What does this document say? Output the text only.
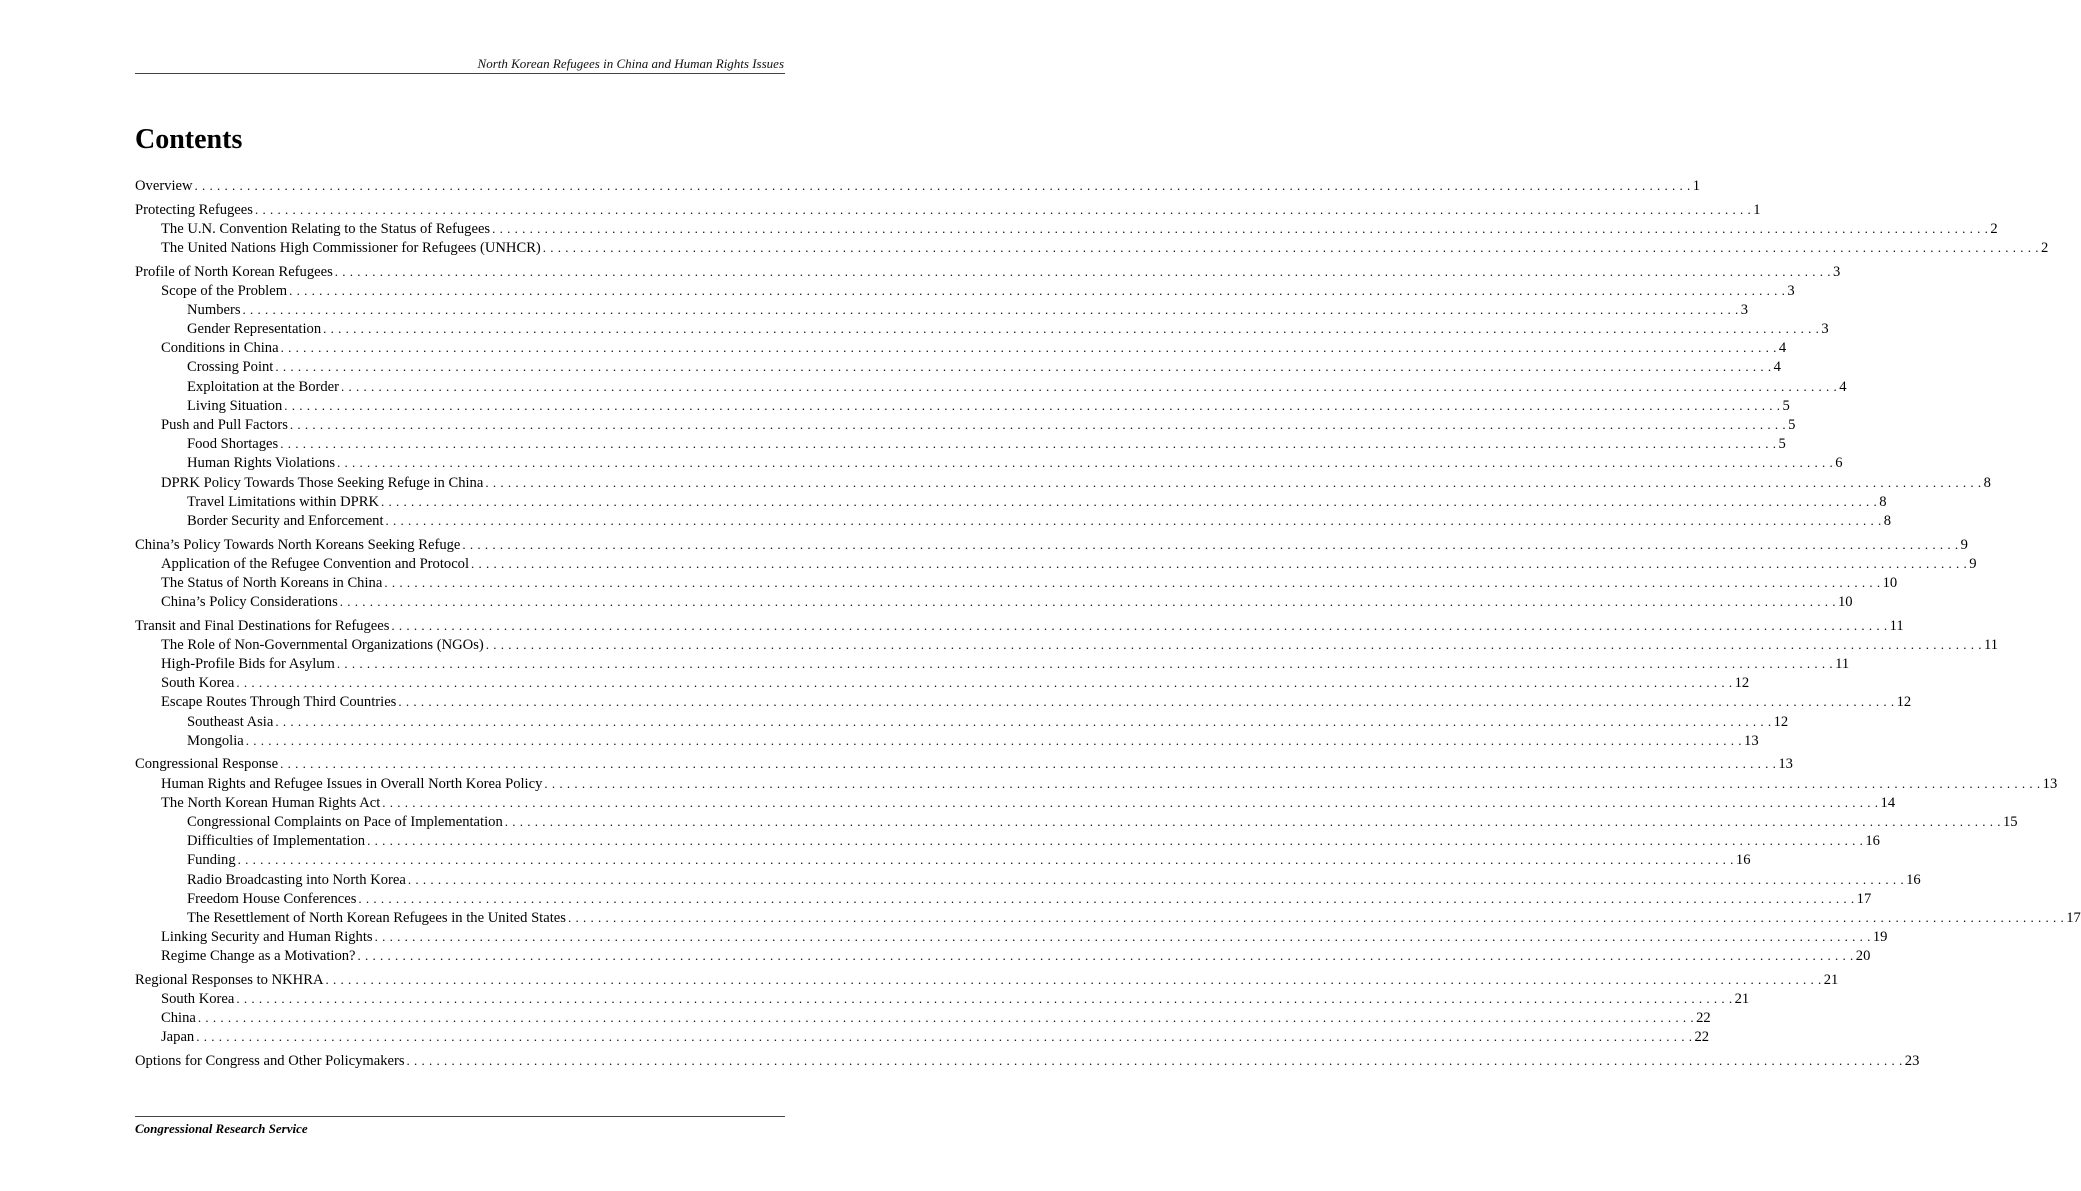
North Korean Refugees in China and Human Rights Issues
Contents
Overview . . . . . . . . . . . . . . . . . . . . . . . . . . . . . . . . . . . . . . . . . . . . . . . . . . . . . . . . . . . . . . . . . . . . . . . . . . . . . . . . . . . . . . . . . . . . . . . . . . . . . . . . . . . . . . . . . . . . . . . . . . . . . . . . . . . . . . . . . . . . . . . . . . . . . . . . . . . . . . . . . . . . . . . . . . . . . . . . . . . . . . . . . . . . . . . . . . . . . . . . 1
Protecting Refugees . . . . . . . . . . . . . . . . . . . . . . . . . . . . . . . . . . . . . . . . . . . . . . . . . . . . . . . . . . . . . . . . . . . . . . . . . . . . . . . . . . . . . . . . . . . . . . . . . . . . . . . . . . . . . . . . . . . . . . . . . . . . . . . . . . . . . . . . . . . . . . . . . . . . . . . . . . . . . . . . . . . . . . . . . . . . . . . . . . . . . . . . . . . . . . . . . . . . . . . . 1
The U.N. Convention Relating to the Status of Refugees . . . . . . . . . . . . . . . . . . . . . . . . . . . . . . . . . . . . . . . . . . . . . . . . . . . . . . . . . . . . . . . . . . . . . . . . . . . . . . . . . . . . . . . . . . . . . . . . . . . . . . . . . . . . . . . . . . . . . . . . . . . . . . . . . . . . . . . . . . . . . . . . . . . . . . . . . . . . . . . . . . . . . . . . . . . . . . . . . . . . . . . . . . . . . . . . . . . . . . . . 2
The United Nations High Commissioner for Refugees (UNHCR) . . . . . . . . . . . . . . . . . . . . . . . . . . . . . . . . . . . . . . . . . . . . . . . . . . . . . . . . . . . . . . . . . . . . . . . . . . . . . . . . . . . . . . . . . . . . . . . . . . . . . . . . . . . . . . . . . . . . . . . . . . . . . . . . . . . . . . . . . . . . . . . . . . . . . . . . . . . . . . . . . . . . . . . . . . . . . . . . . . . . . . . . . . . . . . . . . . . . . . . . 2
Profile of North Korean Refugees . . . . . . . . . . . . . . . . . . . . . . . . . . . . . . . . . . . . . . . . . . . . . . . . . . . . . . . . . . . . . . . . . . . . . . . . . . . . . . . . . . . . . . . . . . . . . . . . . . . . . . . . . . . . . . . . . . . . . . . . . . . . . . . . . . . . . . . . . . . . . . . . . . . . . . . . . . . . . . . . . . . . . . . . . . . . . . . . . . . . . . . . . . . . . . . . . . . . . . . . 3
Scope of the Problem . . . . . . . . . . . . . . . . . . . . . . . . . . . . . . . . . . . . . . . . . . . . . . . . . . . . . . . . . . . . . . . . . . . . . . . . . . . . . . . . . . . . . . . . . . . . . . . . . . . . . . . . . . . . . . . . . . . . . . . . . . . . . . . . . . . . . . . . . . . . . . . . . . . . . . . . . . . . . . . . . . . . . . . . . . . . . . . . . . . . . . . . . . . . . . . . . . . . . . . . 3
Numbers . . . . . . . . . . . . . . . . . . . . . . . . . . . . . . . . . . . . . . . . . . . . . . . . . . . . . . . . . . . . . . . . . . . . . . . . . . . . . . . . . . . . . . . . . . . . . . . . . . . . . . . . . . . . . . . . . . . . . . . . . . . . . . . . . . . . . . . . . . . . . . . . . . . . . . . . . . . . . . . . . . . . . . . . . . . . . . . . . . . . . . . . . . . . . . . . . . . . . . . . 3
Gender Representation . . . . . . . . . . . . . . . . . . . . . . . . . . . . . . . . . . . . . . . . . . . . . . . . . . . . . . . . . . . . . . . . . . . . . . . . . . . . . . . . . . . . . . . . . . . . . . . . . . . . . . . . . . . . . . . . . . . . . . . . . . . . . . . . . . . . . . . . . . . . . . . . . . . . . . . . . . . . . . . . . . . . . . . . . . . . . . . . . . . . . . . . . . . . . . . . . . . . . . . . 3
Conditions in China . . . . . . . . . . . . . . . . . . . . . . . . . . . . . . . . . . . . . . . . . . . . . . . . . . . . . . . . . . . . . . . . . . . . . . . . . . . . . . . . . . . . . . . . . . . . . . . . . . . . . . . . . . . . . . . . . . . . . . . . . . . . . . . . . . . . . . . . . . . . . . . . . . . . . . . . . . . . . . . . . . . . . . . . . . . . . . . . . . . . . . . . . . . . . . . . . . . . . . . . 4
Crossing Point . . . . . . . . . . . . . . . . . . . . . . . . . . . . . . . . . . . . . . . . . . . . . . . . . . . . . . . . . . . . . . . . . . . . . . . . . . . . . . . . . . . . . . . . . . . . . . . . . . . . . . . . . . . . . . . . . . . . . . . . . . . . . . . . . . . . . . . . . . . . . . . . . . . . . . . . . . . . . . . . . . . . . . . . . . . . . . . . . . . . . . . . . . . . . . . . . . . . . . . . 4
Exploitation at the Border . . . . . . . . . . . . . . . . . . . . . . . . . . . . . . . . . . . . . . . . . . . . . . . . . . . . . . . . . . . . . . . . . . . . . . . . . . . . . . . . . . . . . . . . . . . . . . . . . . . . . . . . . . . . . . . . . . . . . . . . . . . . . . . . . . . . . . . . . . . . . . . . . . . . . . . . . . . . . . . . . . . . . . . . . . . . . . . . . . . . . . . . . . . . . . . . . . . . . . . . 4
Living Situation . . . . . . . . . . . . . . . . . . . . . . . . . . . . . . . . . . . . . . . . . . . . . . . . . . . . . . . . . . . . . . . . . . . . . . . . . . . . . . . . . . . . . . . . . . . . . . . . . . . . . . . . . . . . . . . . . . . . . . . . . . . . . . . . . . . . . . . . . . . . . . . . . . . . . . . . . . . . . . . . . . . . . . . . . . . . . . . . . . . . . . . . . . . . . . . . . . . . . . . . 5
Push and Pull Factors . . . . . . . . . . . . . . . . . . . . . . . . . . . . . . . . . . . . . . . . . . . . . . . . . . . . . . . . . . . . . . . . . . . . . . . . . . . . . . . . . . . . . . . . . . . . . . . . . . . . . . . . . . . . . . . . . . . . . . . . . . . . . . . . . . . . . . . . . . . . . . . . . . . . . . . . . . . . . . . . . . . . . . . . . . . . . . . . . . . . . . . . . . . . . . . . . . . . . . . . 5
Food Shortages . . . . . . . . . . . . . . . . . . . . . . . . . . . . . . . . . . . . . . . . . . . . . . . . . . . . . . . . . . . . . . . . . . . . . . . . . . . . . . . . . . . . . . . . . . . . . . . . . . . . . . . . . . . . . . . . . . . . . . . . . . . . . . . . . . . . . . . . . . . . . . . . . . . . . . . . . . . . . . . . . . . . . . . . . . . . . . . . . . . . . . . . . . . . . . . . . . . . . . . . 5
Human Rights Violations . . . . . . . . . . . . . . . . . . . . . . . . . . . . . . . . . . . . . . . . . . . . . . . . . . . . . . . . . . . . . . . . . . . . . . . . . . . . . . . . . . . . . . . . . . . . . . . . . . . . . . . . . . . . . . . . . . . . . . . . . . . . . . . . . . . . . . . . . . . . . . . . . . . . . . . . . . . . . . . . . . . . . . . . . . . . . . . . . . . . . . . . . . . . . . . . . . . . . . . . 6
DPRK Policy Towards Those Seeking Refuge in China . . . . . . . . . . . . . . . . . . . . . . . . . . . . . . . . . . . . . . . . . . . . . . . . . . . . . . . . . . . . . . . . . . . . . . . . . . . . . . . . . . . . . . . . . . . . . . . . . . . . . . . . . . . . . . . . . . . . . . . . . . . . . . . . . . . . . . . . . . . . . . . . . . . . . . . . . . . . . . . . . . . . . . . . . . . . . . . . . . . . . . . . . . . . . . . . . . . . . . . . 8
Travel Limitations within DPRK . . . . . . . . . . . . . . . . . . . . . . . . . . . . . . . . . . . . . . . . . . . . . . . . . . . . . . . . . . . . . . . . . . . . . . . . . . . . . . . . . . . . . . . . . . . . . . . . . . . . . . . . . . . . . . . . . . . . . . . . . . . . . . . . . . . . . . . . . . . . . . . . . . . . . . . . . . . . . . . . . . . . . . . . . . . . . . . . . . . . . . . . . . . . . . . . . . . . . . . . 8
Border Security and Enforcement . . . . . . . . . . . . . . . . . . . . . . . . . . . . . . . . . . . . . . . . . . . . . . . . . . . . . . . . . . . . . . . . . . . . . . . . . . . . . . . . . . . . . . . . . . . . . . . . . . . . . . . . . . . . . . . . . . . . . . . . . . . . . . . . . . . . . . . . . . . . . . . . . . . . . . . . . . . . . . . . . . . . . . . . . . . . . . . . . . . . . . . . . . . . . . . . . . . . . . . . 8
China’s Policy Towards North Koreans Seeking Refuge . . . . . . . . . . . . . . . . . . . . . . . . . . . . . . . . . . . . . . . . . . . . . . . . . . . . . . . . . . . . . . . . . . . . . . . . . . . . . . . . . . . . . . . . . . . . . . . . . . . . . . . . . . . . . . . . . . . . . . . . . . . . . . . . . . . . . . . . . . . . . . . . . . . . . . . . . . . . . . . . . . . . . . . . . . . . . . . . . . . . . . . . . . . . . . . . . . . . . . . . 9
Application of the Refugee Convention and Protocol . . . . . . . . . . . . . . . . . . . . . . . . . . . . . . . . . . . . . . . . . . . . . . . . . . . . . . . . . . . . . . . . . . . . . . . . . . . . . . . . . . . . . . . . . . . . . . . . . . . . . . . . . . . . . . . . . . . . . . . . . . . . . . . . . . . . . . . . . . . . . . . . . . . . . . . . . . . . . . . . . . . . . . . . . . . . . . . . . . . . . . . . . . . . . . . . . . . . . . . . 9
The Status of North Koreans in China . . . . . . . . . . . . . . . . . . . . . . . . . . . . . . . . . . . . . . . . . . . . . . . . . . . . . . . . . . . . . . . . . . . . . . . . . . . . . . . . . . . . . . . . . . . . . . . . . . . . . . . . . . . . . . . . . . . . . . . . . . . . . . . . . . . . . . . . . . . . . . . . . . . . . . . . . . . . . . . . . . . . . . . . . . . . . . . . . . . . . . . . . . . . . . . . . . . . . . . . 10
China’s Policy Considerations . . . . . . . . . . . . . . . . . . . . . . . . . . . . . . . . . . . . . . . . . . . . . . . . . . . . . . . . . . . . . . . . . . . . . . . . . . . . . . . . . . . . . . . . . . . . . . . . . . . . . . . . . . . . . . . . . . . . . . . . . . . . . . . . . . . . . . . . . . . . . . . . . . . . . . . . . . . . . . . . . . . . . . . . . . . . . . . . . . . . . . . . . . . . . . . . . . . . . . . . 10
Transit and Final Destinations for Refugees . . . . . . . . . . . . . . . . . . . . . . . . . . . . . . . . . . . . . . . . . . . . . . . . . . . . . . . . . . . . . . . . . . . . . . . . . . . . . . . . . . . . . . . . . . . . . . . . . . . . . . . . . . . . . . . . . . . . . . . . . . . . . . . . . . . . . . . . . . . . . . . . . . . . . . . . . . . . . . . . . . . . . . . . . . . . . . . . . . . . . . . . . . . . . . . . . . . . . . . . 11
The Role of Non-Governmental Organizations (NGOs) . . . . . . . . . . . . . . . . . . . . . . . . . . . . . . . . . . . . . . . . . . . . . . . . . . . . . . . . . . . . . . . . . . . . . . . . . . . . . . . . . . . . . . . . . . . . . . . . . . . . . . . . . . . . . . . . . . . . . . . . . . . . . . . . . . . . . . . . . . . . . . . . . . . . . . . . . . . . . . . . . . . . . . . . . . . . . . . . . . . . . . . . . . . . . . . . . . . . . . . . 11
High-Profile Bids for Asylum . . . . . . . . . . . . . . . . . . . . . . . . . . . . . . . . . . . . . . . . . . . . . . . . . . . . . . . . . . . . . . . . . . . . . . . . . . . . . . . . . . . . . . . . . . . . . . . . . . . . . . . . . . . . . . . . . . . . . . . . . . . . . . . . . . . . . . . . . . . . . . . . . . . . . . . . . . . . . . . . . . . . . . . . . . . . . . . . . . . . . . . . . . . . . . . . . . . . . . . . 11
South Korea . . . . . . . . . . . . . . . . . . . . . . . . . . . . . . . . . . . . . . . . . . . . . . . . . . . . . . . . . . . . . . . . . . . . . . . . . . . . . . . . . . . . . . . . . . . . . . . . . . . . . . . . . . . . . . . . . . . . . . . . . . . . . . . . . . . . . . . . . . . . . . . . . . . . . . . . . . . . . . . . . . . . . . . . . . . . . . . . . . . . . . . . . . . . . . . . . . . . . . . . 12
Escape Routes Through Third Countries . . . . . . . . . . . . . . . . . . . . . . . . . . . . . . . . . . . . . . . . . . . . . . . . . . . . . . . . . . . . . . . . . . . . . . . . . . . . . . . . . . . . . . . . . . . . . . . . . . . . . . . . . . . . . . . . . . . . . . . . . . . . . . . . . . . . . . . . . . . . . . . . . . . . . . . . . . . . . . . . . . . . . . . . . . . . . . . . . . . . . . . . . . . . . . . . . . . . . . . . 12
Southeast Asia . . . . . . . . . . . . . . . . . . . . . . . . . . . . . . . . . . . . . . . . . . . . . . . . . . . . . . . . . . . . . . . . . . . . . . . . . . . . . . . . . . . . . . . . . . . . . . . . . . . . . . . . . . . . . . . . . . . . . . . . . . . . . . . . . . . . . . . . . . . . . . . . . . . . . . . . . . . . . . . . . . . . . . . . . . . . . . . . . . . . . . . . . . . . . . . . . . . . . . . . 12
Mongolia . . . . . . . . . . . . . . . . . . . . . . . . . . . . . . . . . . . . . . . . . . . . . . . . . . . . . . . . . . . . . . . . . . . . . . . . . . . . . . . . . . . . . . . . . . . . . . . . . . . . . . . . . . . . . . . . . . . . . . . . . . . . . . . . . . . . . . . . . . . . . . . . . . . . . . . . . . . . . . . . . . . . . . . . . . . . . . . . . . . . . . . . . . . . . . . . . . . . . . . . 13
Congressional Response . . . . . . . . . . . . . . . . . . . . . . . . . . . . . . . . . . . . . . . . . . . . . . . . . . . . . . . . . . . . . . . . . . . . . . . . . . . . . . . . . . . . . . . . . . . . . . . . . . . . . . . . . . . . . . . . . . . . . . . . . . . . . . . . . . . . . . . . . . . . . . . . . . . . . . . . . . . . . . . . . . . . . . . . . . . . . . . . . . . . . . . . . . . . . . . . . . . . . . . . 13
Human Rights and Refugee Issues in Overall North Korea Policy . . . . . . . . . . . . . . . . . . . . . . . . . . . . . . . . . . . . . . . . . . . . . . . . . . . . . . . . . . . . . . . . . . . . . . . . . . . . . . . . . . . . . . . . . . . . . . . . . . . . . . . . . . . . . . . . . . . . . . . . . . . . . . . . . . . . . . . . . . . . . . . . . . . . . . . . . . . . . . . . . . . . . . . . . . . . . . . . . . . . . . . . . . . . . . . . . . . . . . . . 13
The North Korean Human Rights Act . . . . . . . . . . . . . . . . . . . . . . . . . . . . . . . . . . . . . . . . . . . . . . . . . . . . . . . . . . . . . . . . . . . . . . . . . . . . . . . . . . . . . . . . . . . . . . . . . . . . . . . . . . . . . . . . . . . . . . . . . . . . . . . . . . . . . . . . . . . . . . . . . . . . . . . . . . . . . . . . . . . . . . . . . . . . . . . . . . . . . . . . . . . . . . . . . . . . . . . . 14
Congressional Complaints on Pace of Implementation . . . . . . . . . . . . . . . . . . . . . . . . . . . . . . . . . . . . . . . . . . . . . . . . . . . . . . . . . . . . . . . . . . . . . . . . . . . . . . . . . . . . . . . . . . . . . . . . . . . . . . . . . . . . . . . . . . . . . . . . . . . . . . . . . . . . . . . . . . . . . . . . . . . . . . . . . . . . . . . . . . . . . . . . . . . . . . . . . . . . . . . . . . . . . . . . . . . . . . . . 15
Difficulties of Implementation . . . . . . . . . . . . . . . . . . . . . . . . . . . . . . . . . . . . . . . . . . . . . . . . . . . . . . . . . . . . . . . . . . . . . . . . . . . . . . . . . . . . . . . . . . . . . . . . . . . . . . . . . . . . . . . . . . . . . . . . . . . . . . . . . . . . . . . . . . . . . . . . . . . . . . . . . . . . . . . . . . . . . . . . . . . . . . . . . . . . . . . . . . . . . . . . . . . . . . . . 16
Funding . . . . . . . . . . . . . . . . . . . . . . . . . . . . . . . . . . . . . . . . . . . . . . . . . . . . . . . . . . . . . . . . . . . . . . . . . . . . . . . . . . . . . . . . . . . . . . . . . . . . . . . . . . . . . . . . . . . . . . . . . . . . . . . . . . . . . . . . . . . . . . . . . . . . . . . . . . . . . . . . . . . . . . . . . . . . . . . . . . . . . . . . . . . . . . . . . . . . . . . . 16
Radio Broadcasting into North Korea . . . . . . . . . . . . . . . . . . . . . . . . . . . . . . . . . . . . . . . . . . . . . . . . . . . . . . . . . . . . . . . . . . . . . . . . . . . . . . . . . . . . . . . . . . . . . . . . . . . . . . . . . . . . . . . . . . . . . . . . . . . . . . . . . . . . . . . . . . . . . . . . . . . . . . . . . . . . . . . . . . . . . . . . . . . . . . . . . . . . . . . . . . . . . . . . . . . . . . . . 16
Freedom House Conferences . . . . . . . . . . . . . . . . . . . . . . . . . . . . . . . . . . . . . . . . . . . . . . . . . . . . . . . . . . . . . . . . . . . . . . . . . . . . . . . . . . . . . . . . . . . . . . . . . . . . . . . . . . . . . . . . . . . . . . . . . . . . . . . . . . . . . . . . . . . . . . . . . . . . . . . . . . . . . . . . . . . . . . . . . . . . . . . . . . . . . . . . . . . . . . . . . . . . . . . . 17
The Resettlement of North Korean Refugees in the United States . . . . . . . . . . . . . . . . . . . . . . . . . . . . . . . . . . . . . . . . . . . . . . . . . . . . . . . . . . . . . . . . . . . . . . . . . . . . . . . . . . . . . . . . . . . . . . . . . . . . . . . . . . . . . . . . . . . . . . . . . . . . . . . . . . . . . . . . . . . . . . . . . . . . . . . . . . . . . . . . . . . . . . . . . . . . . . . . . . . . . . . . . . . . . . . . . . . . . . . . 17
Linking Security and Human Rights . . . . . . . . . . . . . . . . . . . . . . . . . . . . . . . . . . . . . . . . . . . . . . . . . . . . . . . . . . . . . . . . . . . . . . . . . . . . . . . . . . . . . . . . . . . . . . . . . . . . . . . . . . . . . . . . . . . . . . . . . . . . . . . . . . . . . . . . . . . . . . . . . . . . . . . . . . . . . . . . . . . . . . . . . . . . . . . . . . . . . . . . . . . . . . . . . . . . . . . . 19
Regime Change as a Motivation? . . . . . . . . . . . . . . . . . . . . . . . . . . . . . . . . . . . . . . . . . . . . . . . . . . . . . . . . . . . . . . . . . . . . . . . . . . . . . . . . . . . . . . . . . . . . . . . . . . . . . . . . . . . . . . . . . . . . . . . . . . . . . . . . . . . . . . . . . . . . . . . . . . . . . . . . . . . . . . . . . . . . . . . . . . . . . . . . . . . . . . . . . . . . . . . . . . . . . . . . 20
Regional Responses to NKHRA . . . . . . . . . . . . . . . . . . . . . . . . . . . . . . . . . . . . . . . . . . . . . . . . . . . . . . . . . . . . . . . . . . . . . . . . . . . . . . . . . . . . . . . . . . . . . . . . . . . . . . . . . . . . . . . . . . . . . . . . . . . . . . . . . . . . . . . . . . . . . . . . . . . . . . . . . . . . . . . . . . . . . . . . . . . . . . . . . . . . . . . . . . . . . . . . . . . . . . . . 21
South Korea . . . . . . . . . . . . . . . . . . . . . . . . . . . . . . . . . . . . . . . . . . . . . . . . . . . . . . . . . . . . . . . . . . . . . . . . . . . . . . . . . . . . . . . . . . . . . . . . . . . . . . . . . . . . . . . . . . . . . . . . . . . . . . . . . . . . . . . . . . . . . . . . . . . . . . . . . . . . . . . . . . . . . . . . . . . . . . . . . . . . . . . . . . . . . . . . . . . . . . . . 21
China . . . . . . . . . . . . . . . . . . . . . . . . . . . . . . . . . . . . . . . . . . . . . . . . . . . . . . . . . . . . . . . . . . . . . . . . . . . . . . . . . . . . . . . . . . . . . . . . . . . . . . . . . . . . . . . . . . . . . . . . . . . . . . . . . . . . . . . . . . . . . . . . . . . . . . . . . . . . . . . . . . . . . . . . . . . . . . . . . . . . . . . . . . . . . . . . . . . . . . . . 22
Japan . . . . . . . . . . . . . . . . . . . . . . . . . . . . . . . . . . . . . . . . . . . . . . . . . . . . . . . . . . . . . . . . . . . . . . . . . . . . . . . . . . . . . . . . . . . . . . . . . . . . . . . . . . . . . . . . . . . . . . . . . . . . . . . . . . . . . . . . . . . . . . . . . . . . . . . . . . . . . . . . . . . . . . . . . . . . . . . . . . . . . . . . . . . . . . . . . . . . . . . . 22
Options for Congress and Other Policymakers . . . . . . . . . . . . . . . . . . . . . . . . . . . . . . . . . . . . . . . . . . . . . . . . . . . . . . . . . . . . . . . . . . . . . . . . . . . . . . . . . . . . . . . . . . . . . . . . . . . . . . . . . . . . . . . . . . . . . . . . . . . . . . . . . . . . . . . . . . . . . . . . . . . . . . . . . . . . . . . . . . . . . . . . . . . . . . . . . . . . . . . . . . . . . . . . . . . . . . . . 23
Congressional Research Service
